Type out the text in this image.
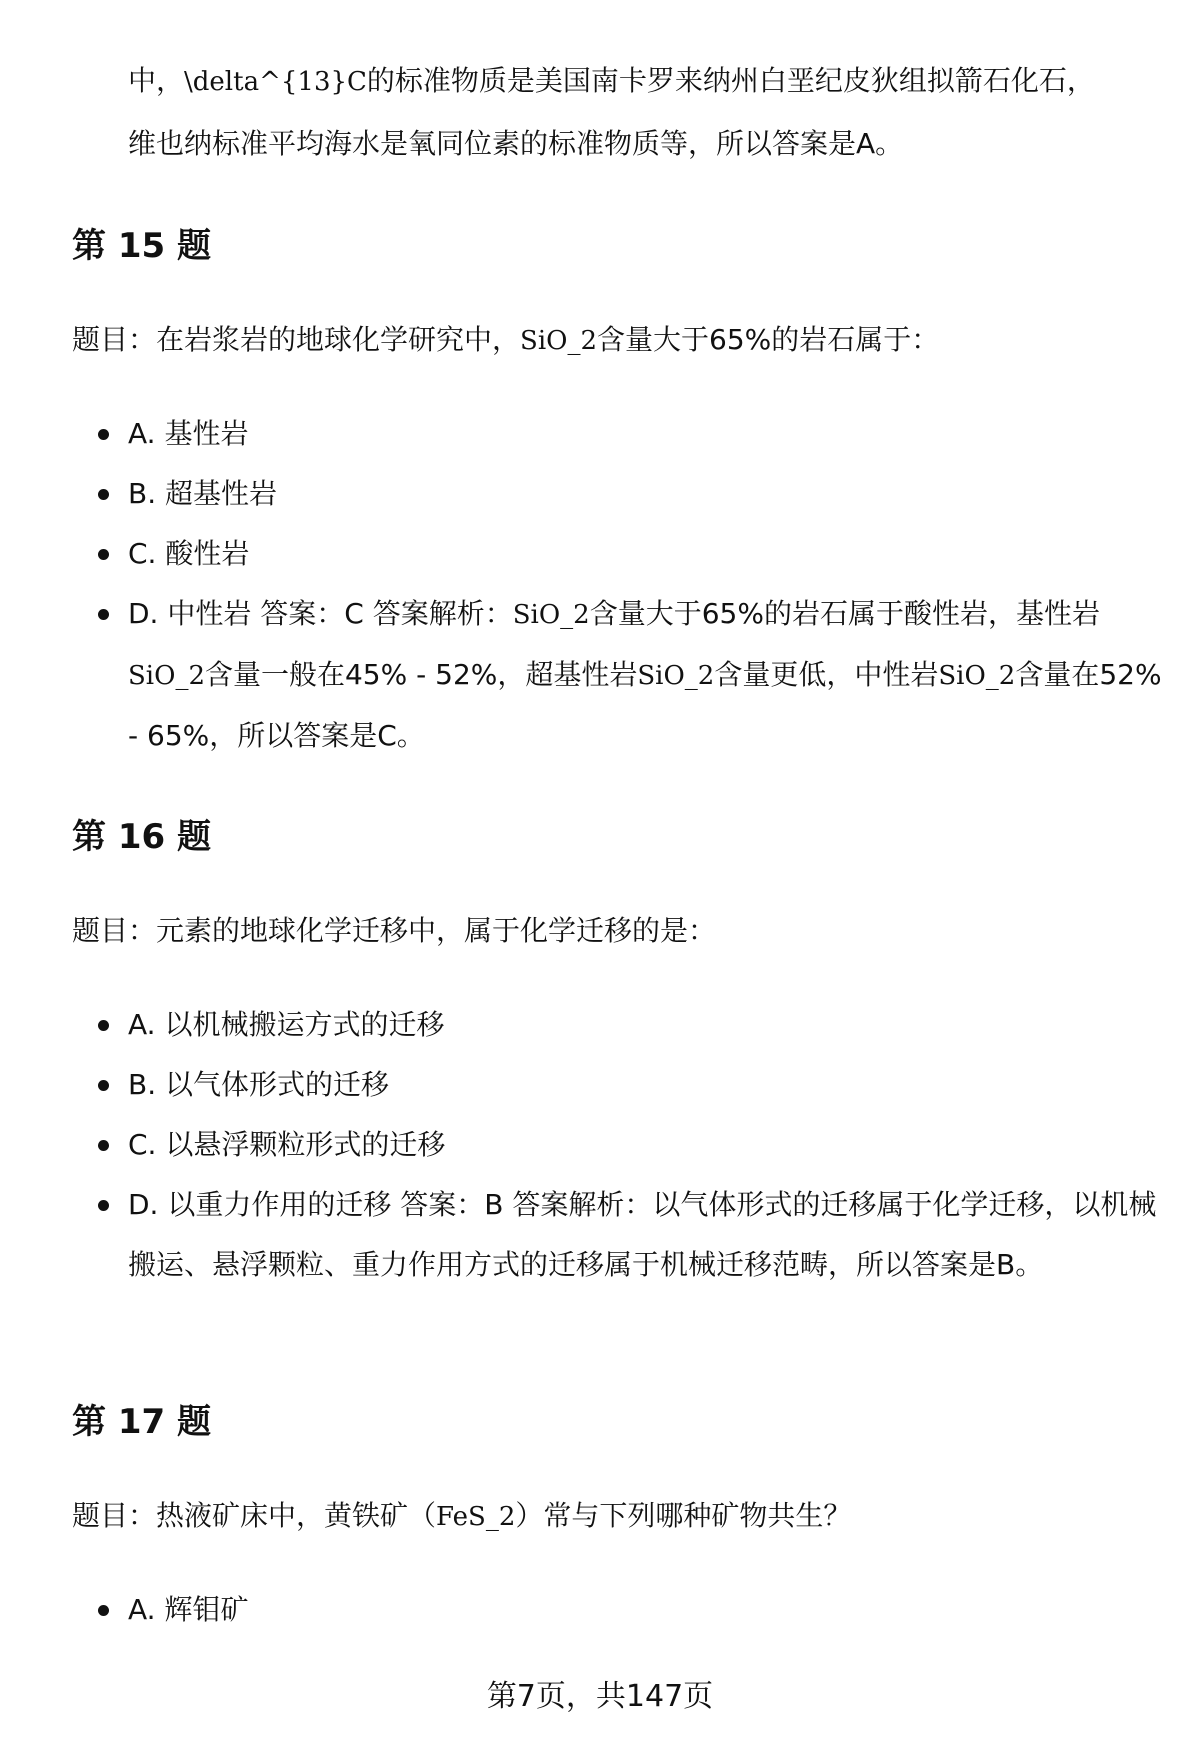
中，\delta^{13}C的标准物质是美国南卡罗来纳州白垩纪皮狄组拟箭石化石，
维也纳标准平均海水是氧同位素的标准物质等，所以答案是A。

第 15 题

题目：在岩浆岩的地球化学研究中，SiO_2含量大于65%的岩石属于：

A. 基性岩
B. 超基性岩
C. 酸性岩
D. 中性岩 答案：C 答案解析：SiO_2含量大于65%的岩石属于酸性岩，基性岩SiO_2含量一般在45% - 52%，超基性岩SiO_2含量更低，中性岩SiO_2含量在52% - 65%，所以答案是C。
第 16 题

题目：元素的地球化学迁移中，属于化学迁移的是：

A. 以机械搬运方式的迁移
B. 以气体形式的迁移
C. 以悬浮颗粒形式的迁移
D. 以重力作用的迁移 答案：B 答案解析：以气体形式的迁移属于化学迁移，以机械搬运、悬浮颗粒、重力作用方式的迁移属于机械迁移范畴，所以答案是B。
第 17 题

题目：热液矿床中，黄铁矿（FeS_2）常与下列哪种矿物共生？

A. 辉钼矿

第7页，共147页
